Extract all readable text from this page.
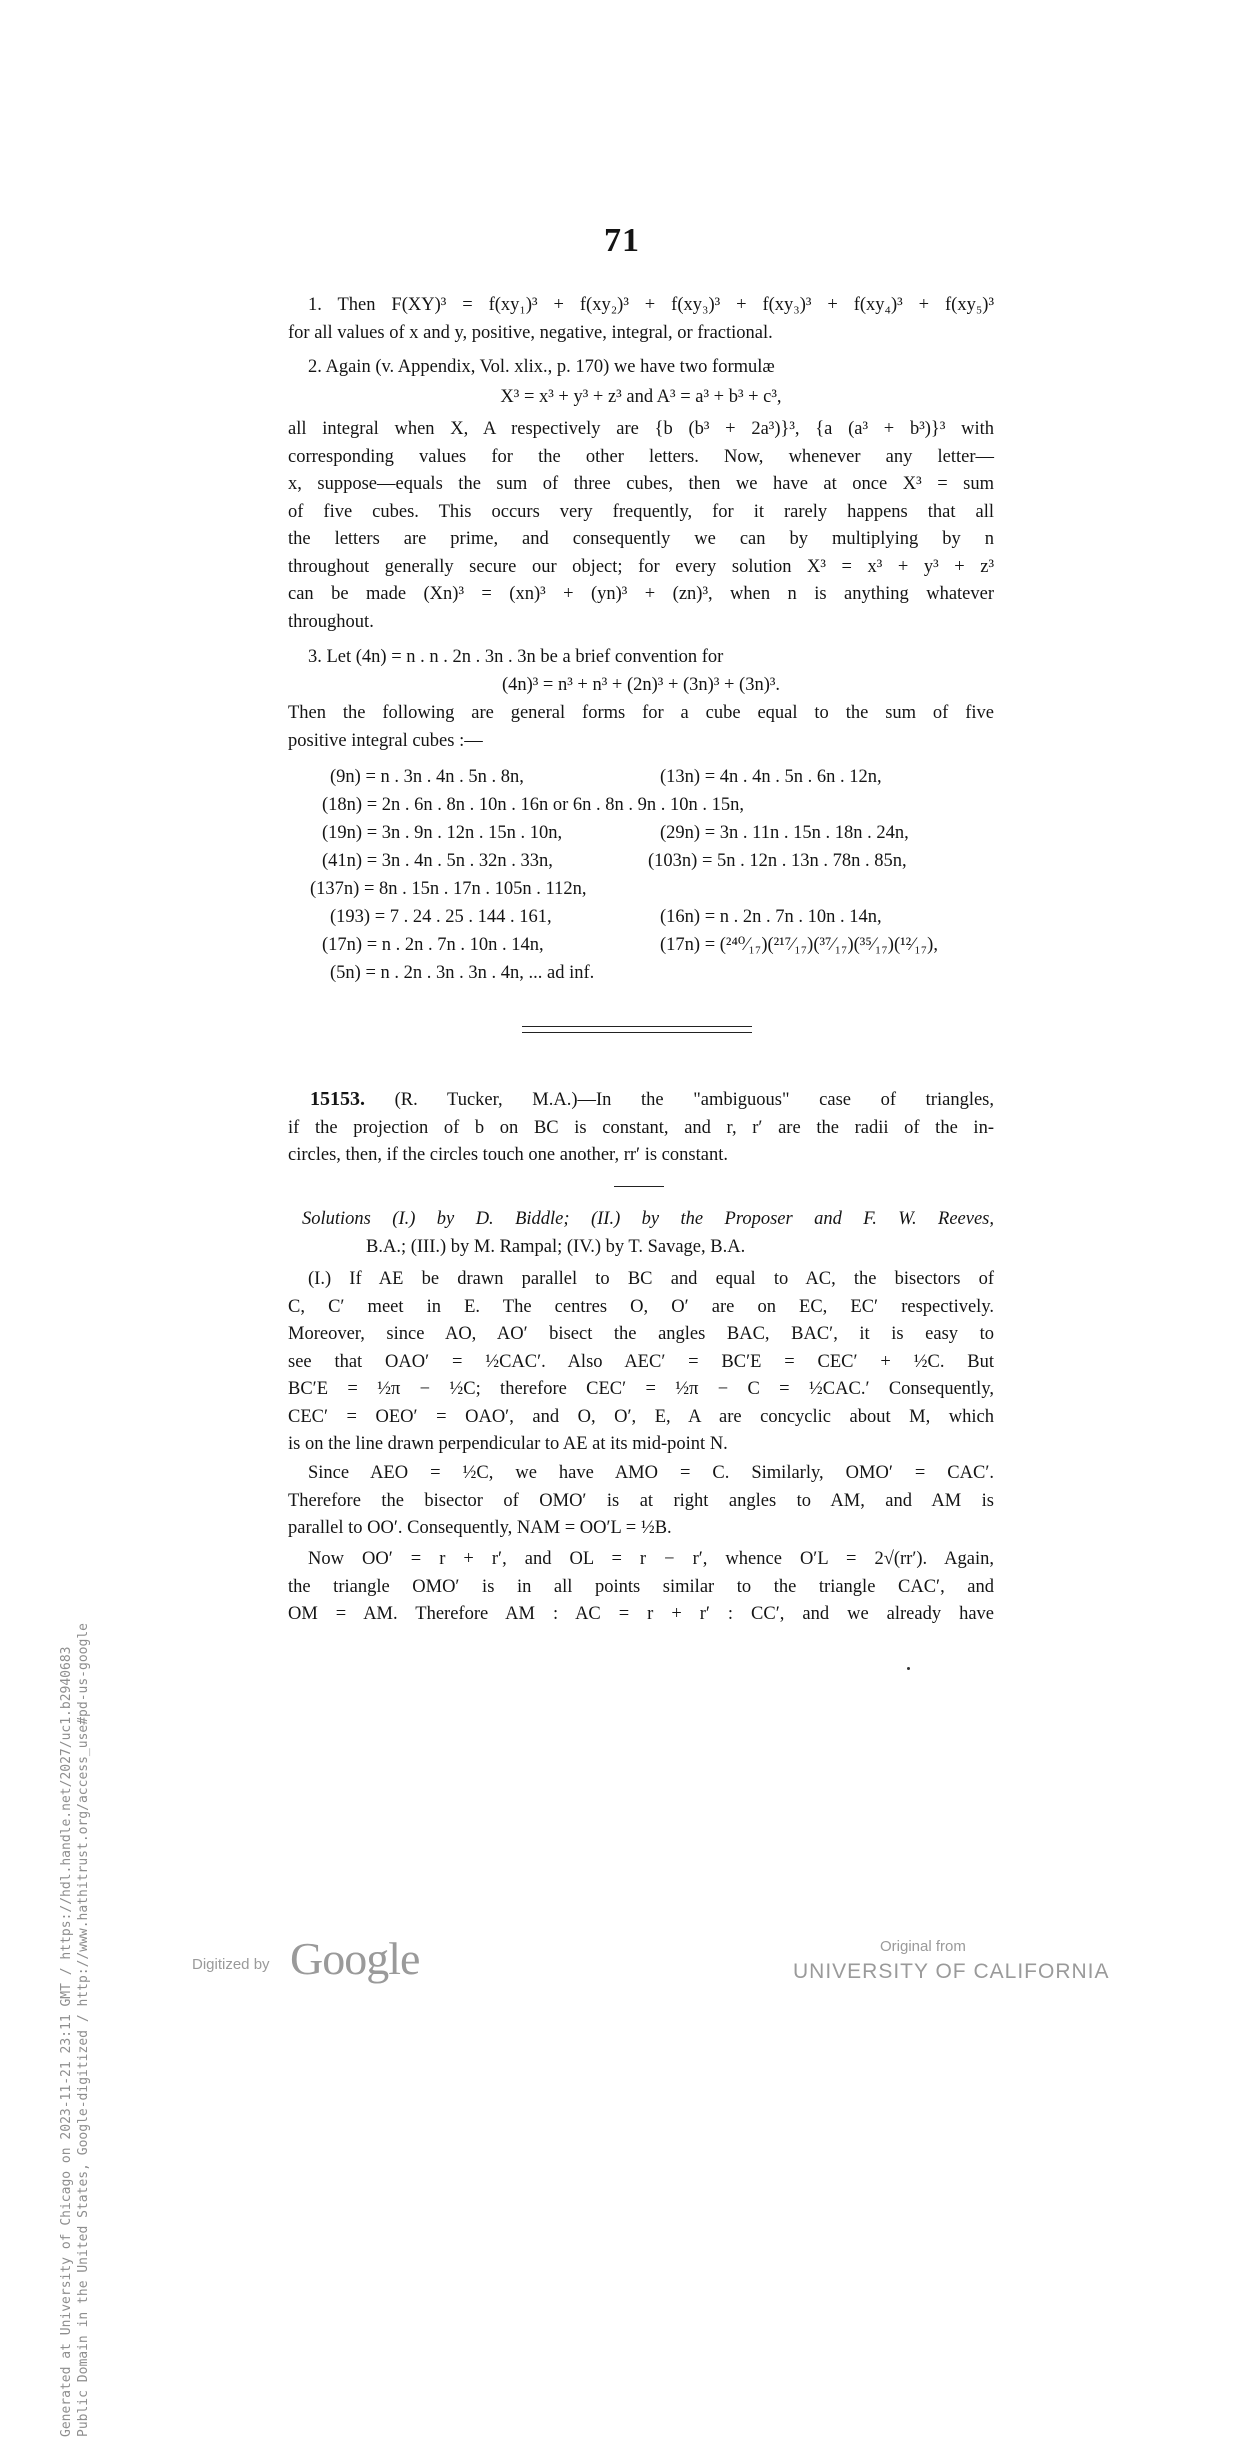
71
1. Then F(XY)³ = f(xy₁)³ + f(xy₂)³ + f(xy₃)³ + f(xy₃)³ + f(xy₄)³ + f(xy₅)³
for all values of x and y, positive, negative, integral, or fractional.
2. Again (v. Appendix, Vol. xlix., p. 170) we have two formulæ
X³ = x³ + y³ + z³ and A³ = a³ + b³ + c³,
all integral when X, A respectively are {b (b³ + 2a³)}³, {a (a³ + b³)}³ with
corresponding values for the other letters. Now, whenever any letter—
x, suppose—equals the sum of three cubes, then we have at once X³ = sum
of five cubes. This occurs very frequently, for it rarely happens that all
the letters are prime, and consequently we can by multiplying by n
throughout generally secure our object; for every solution X³ = x³ + y³ + z³
can be made (Xn)³ = (xn)³ + (yn)³ + (zn)³, when n is anything whatever
throughout.
3. Let (4n) = n . n . 2n . 3n . 3n be a brief convention for
(4n)³ = n³ + n³ + (2n)³ + (3n)³ + (3n)³.
Then the following are general forms for a cube equal to the sum of five
positive integral cubes :—
(9n) = n . 3n . 4n . 5n . 8n,	(13n) = 4n . 4n . 5n . 6n . 12n,
(18n) = 2n . 6n . 8n . 10n . 16n or 6n . 8n . 9n . 10n . 15n,
(19n) = 3n . 9n . 12n . 15n . 10n,	(29n) = 3n . 11n . 15n . 18n . 24n,
(41n) = 3n . 4n . 5n . 32n . 33n,	(103n) = 5n . 12n . 13n . 78n . 85n,
(137n) = 8n . 15n . 17n . 105n . 112n,
(193) = 7 . 24 . 25 . 144 . 161,	(16n) = n . 2n . 7n . 10n . 14n,
(17n) = n . 2n . 7n . 10n . 14n,	(17n) = (²⁴⁰⁄₁₇)(²¹⁷⁄₁₇)(³⁷⁄₁₇)(³⁵⁄₁₇)(¹²⁄₁₇),
(5n) = n . 2n . 3n . 3n . 4n, ... ad inf.
15153. (R. Tucker, M.A.)—In the "ambiguous" case of triangles,
if the projection of b on BC is constant, and r, r′ are the radii of the in-
circles, then, if the circles touch one another, rr′ is constant.
Solutions (I.) by D. Biddle; (II.) by the Proposer and F. W. Reeves,
B.A.; (III.) by M. Rampal; (IV.) by T. Savage, B.A.
(I.) If AE be drawn parallel to BC and equal to AC, the bisectors of
C, C′ meet in E. The centres O, O′ are on EC, EC′ respectively.
Moreover, since AO, AO′ bisect the angles BAC, BAC′, it is easy to
see that OAO′ = ½CAC′. Also AEC′ = BC′E = CEC′ + ½C. But
BC′E = ½π − ½C; therefore CEC′ = ½π − C = ½CAC.′ Consequently,
CEC′ = OEO′ = OAO′, and O, O′, E, A are concyclic about M, which
is on the line drawn perpendicular to AE at its mid-point N.
Since AEO = ½C, we have AMO = C. Similarly, OMO′ = CAC′.
Therefore the bisector of OMO′ is at right angles to AM, and AM is
parallel to OO′. Consequently, NAM = OO′L = ½B.
Now OO′ = r + r′, and OL = r − r′, whence O′L = 2√(rr′). Again,
the triangle OMO′ is in all points similar to the triangle CAC′, and
OM = AM. Therefore AM : AC = r + r′ : CC′, and we already have
Generated at University of Chicago on 2023-11-21 23:11 GMT / https://hdl.handle.net/2027/uc1.b2940683 Public Domain in the United States, Google-digitized / http://www.hathitrust.org/access_use#pd-us-google	Digitized by Google	Original from
UNIVERSITY OF CALIFORNIA
